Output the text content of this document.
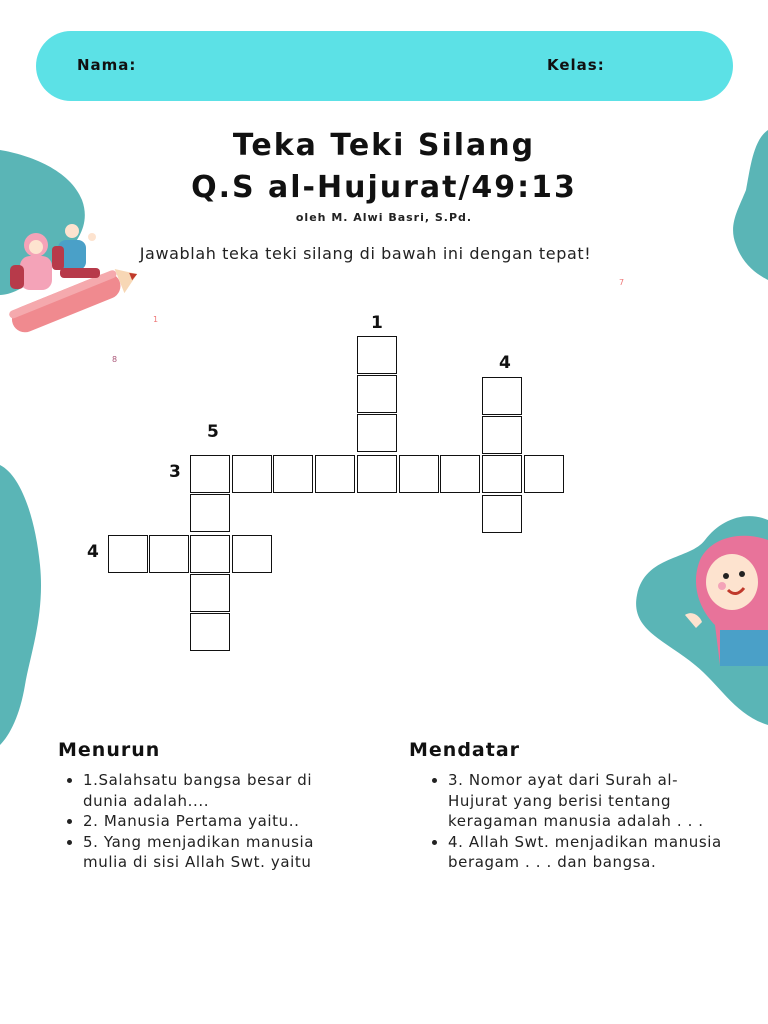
Nama:	Kelas:
Teka Teki Silang
Q.S al-Hujurat/49:13
oleh M. Alwi Basri, S.Pd.
Jawablah teka teki silang di bawah ini dengan tepat!
1
8
7
1
4
5
3
4
Menurun
• 1.Salahsatu bangsa besar di dunia adalah....
• 2. Manusia Pertama yaitu..
• 5. Yang menjadikan manusia mulia di sisi Allah Swt. yaitu
Mendatar
• 3. Nomor ayat dari Surah al-Hujurat yang berisi tentang keragaman manusia adalah . . .
• 4. Allah Swt. menjadikan manusia beragam . . . dan bangsa.
